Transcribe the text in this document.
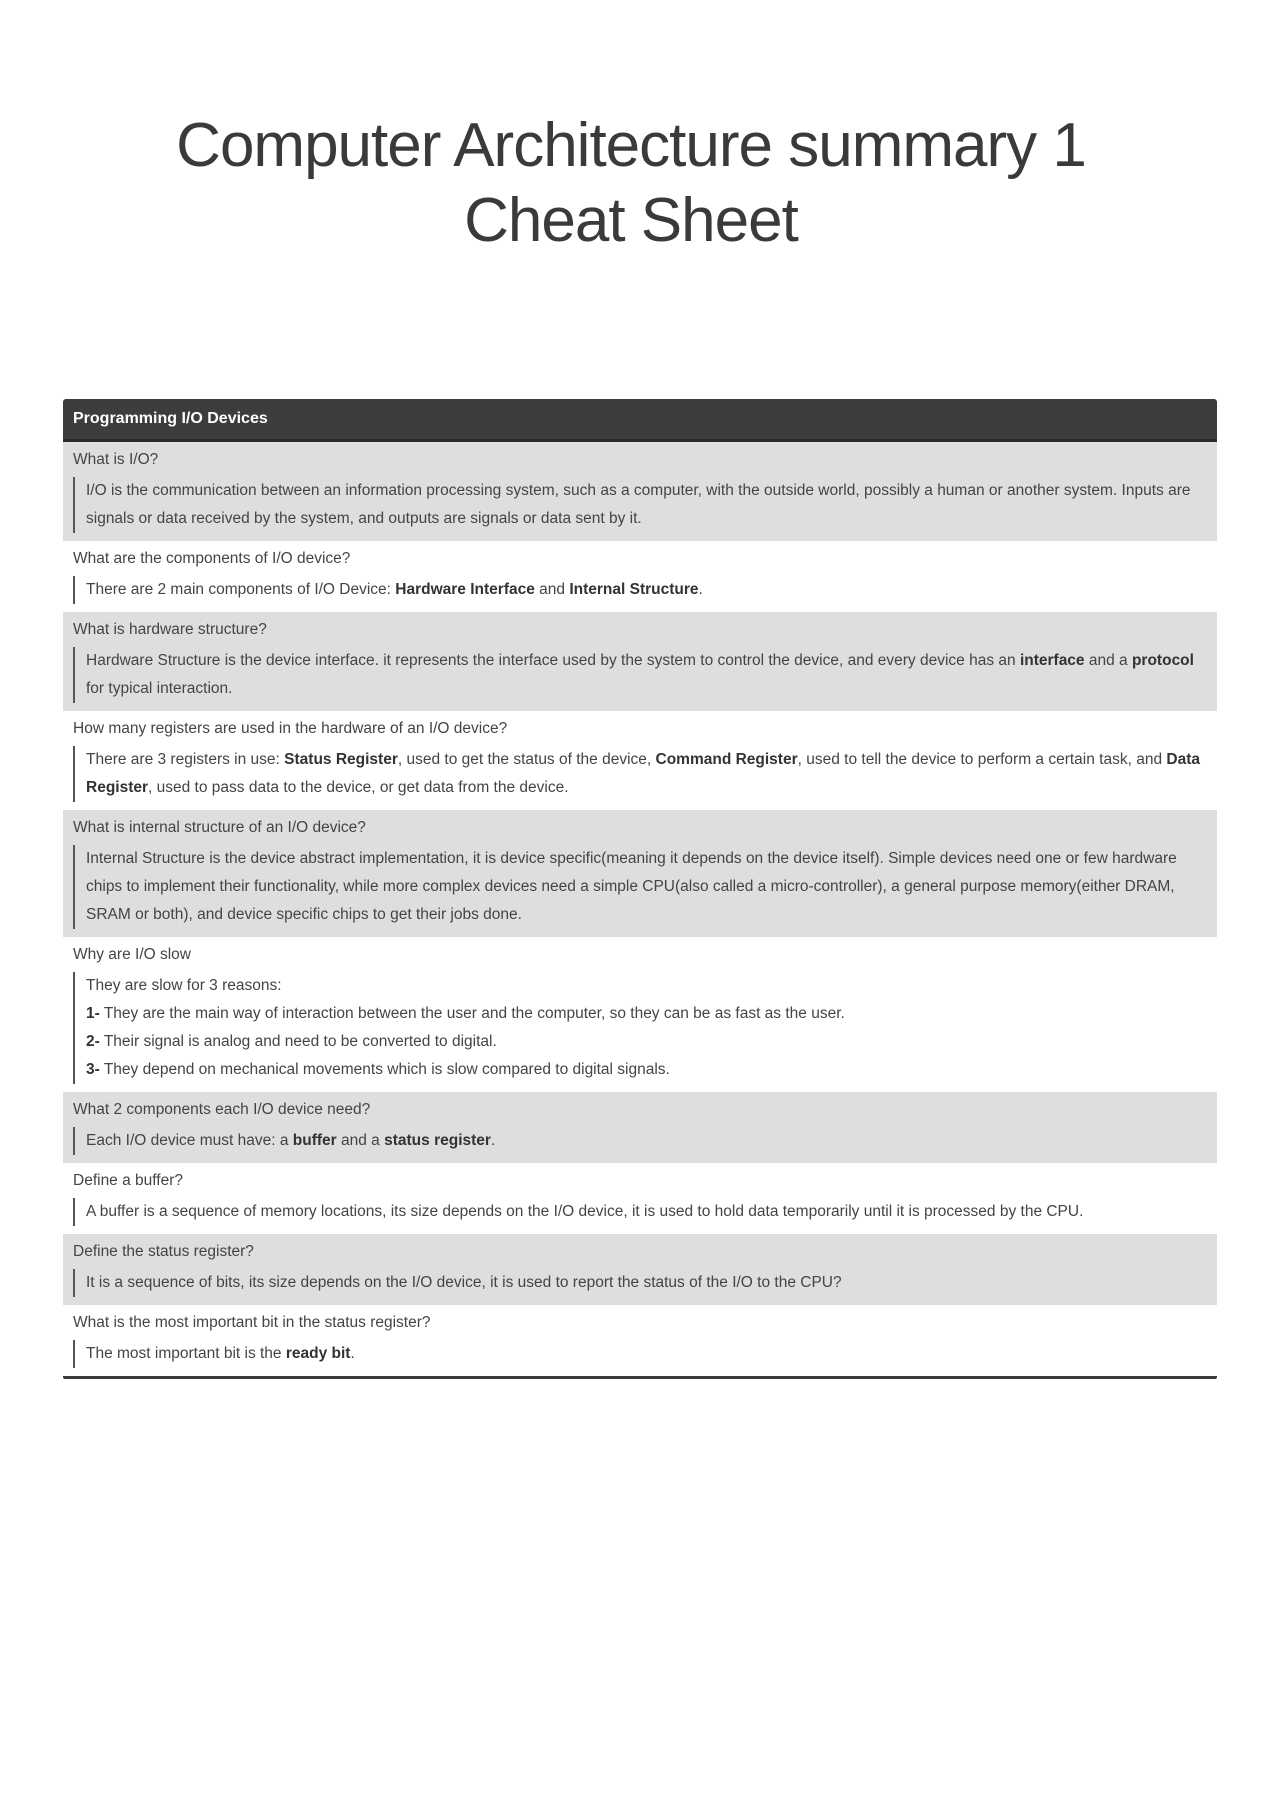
Computer Architecture summary 1
Cheat Sheet
Programming I/O Devices
What is I/O?
I/O is the communication between an information processing system, such as a computer, with the outside world, possibly a human or another system. Inputs are signals or data received by the system, and outputs are signals or data sent by it.
What are the components of I/O device?
There are 2 main components of I/O Device: Hardware Interface and Internal Structure.
What is hardware structure?
Hardware Structure is the device interface. it represents the interface used by the system to control the device, and every device has an interface and a protocol for typical interaction.
How many registers are used in the hardware of an I/O device?
There are 3 registers in use: Status Register, used to get the status of the device, Command Register, used to tell the device to perform a certain task, and Data Register, used to pass data to the device, or get data from the device.
What is internal structure of an I/O device?
Internal Structure is the device abstract implementation, it is device specific(meaning it depends on the device itself). Simple devices need one or few hardware chips to implement their functionality, while more complex devices need a simple CPU(also called a micro-controller), a general purpose memory(either DRAM, SRAM or both), and device specific chips to get their jobs done.
Why are I/O slow
They are slow for 3 reasons:
1- They are the main way of interaction between the user and the computer, so they can be as fast as the user.
2- Their signal is analog and need to be converted to digital.
3- They depend on mechanical movements which is slow compared to digital signals.
What 2 components each I/O device need?
Each I/O device must have: a buffer and a status register.
Define a buffer?
A buffer is a sequence of memory locations, its size depends on the I/O device, it is used to hold data temporarily until it is processed by the CPU.
Define the status register?
It is a sequence of bits, its size depends on the I/O device, it is used to report the status of the I/O to the CPU?
What is the most important bit in the status register?
The most important bit is the ready bit.
